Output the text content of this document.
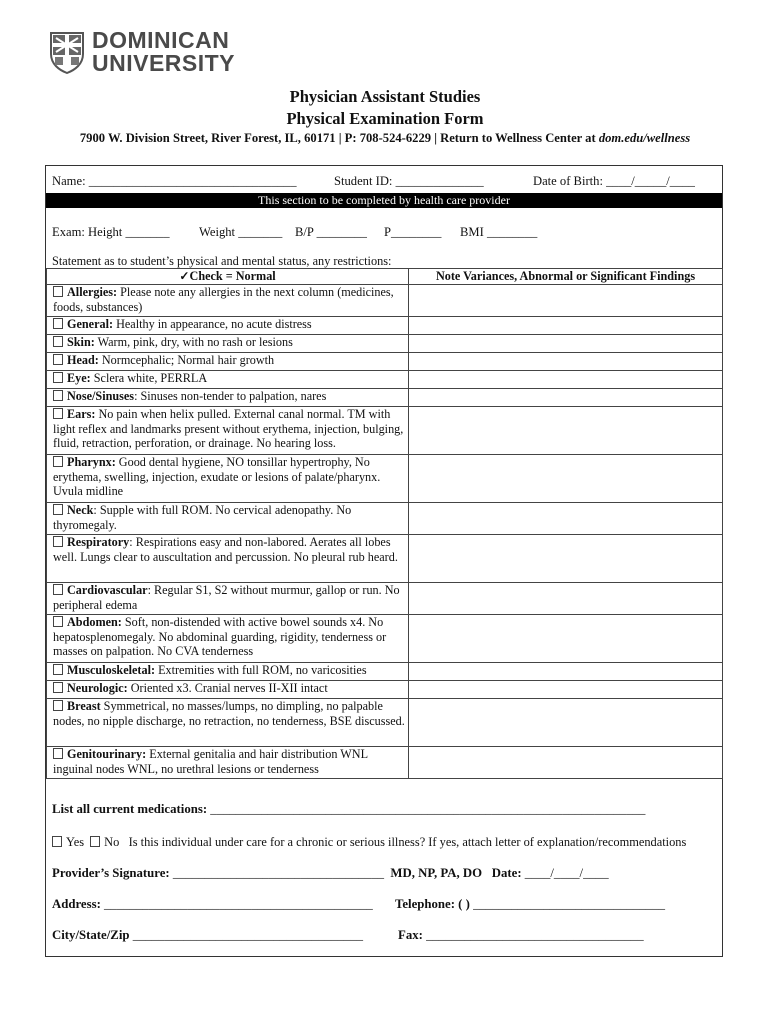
DOMINICAN
UNIVERSITY
Physician Assistant Studies
Physical Examination Form
7900 W. Division Street, River Forest, IL, 60171 | P: 708-524-6229 | Return to Wellness Center at dom.edu/wellness
Name: _________________________________	Student ID: ______________	Date of Birth: ____/_____/____
This section to be completed by health care provider
Exam: Height _______ Weight _______ B/P ________ P________ BMI ________
Statement as to student’s physical and mental status, any restrictions:
✓Check = Normal	Note Variances, Abnormal or Significant Findings
Allergies: Please note any allergies in the next column (medicines, foods, substances)	
General: Healthy in appearance, no acute distress	
Skin: Warm, pink, dry, with no rash or lesions	
Head: Normcephalic; Normal hair growth	
Eye: Sclera white, PERRLA	
Nose/Sinuses: Sinuses non-tender to palpation, nares	
Ears: No pain when helix pulled. External canal normal. TM with light reflex and landmarks present without erythema, injection, bulging, fluid, retraction, perforation, or drainage. No hearing loss.	
Pharynx: Good dental hygiene, NO tonsillar hypertrophy, No erythema, swelling, injection, exudate or lesions of palate/pharynx. Uvula midline	
Neck: Supple with full ROM. No cervical adenopathy. No thyromegaly.	
Respiratory: Respirations easy and non-labored. Aerates all lobes well. Lungs clear to auscultation and percussion. No pleural rub heard.	
Cardiovascular: Regular S1, S2 without murmur, gallop or run. No peripheral edema	
Abdomen: Soft, non-distended with active bowel sounds x4. No hepatosplenomegaly. No abdominal guarding, rigidity, tenderness or masses on palpation. No CVA tenderness	
Musculoskeletal: Extremities with full ROM, no varicosities	
Neurologic: Oriented x3. Cranial nerves II-XII intact	
Breast Symmetrical, no masses/lumps, no dimpling, no palpable nodes, no nipple discharge, no retraction, no tenderness, BSE discussed.	
Genitourinary: External genitalia and hair distribution WNL inguinal nodes WNL, no urethral lesions or tenderness	
List all current medications: ____________________________________________________________________
Yes No Is this individual under care for a chronic or serious illness? If yes, attach letter of explanation/recommendations
Provider’s Signature: _________________________________ MD, NP, PA, DO Date: ____/____/____
Address: __________________________________________ Telephone: ( ) ______________________________
City/State/Zip ____________________________________	Fax: __________________________________
